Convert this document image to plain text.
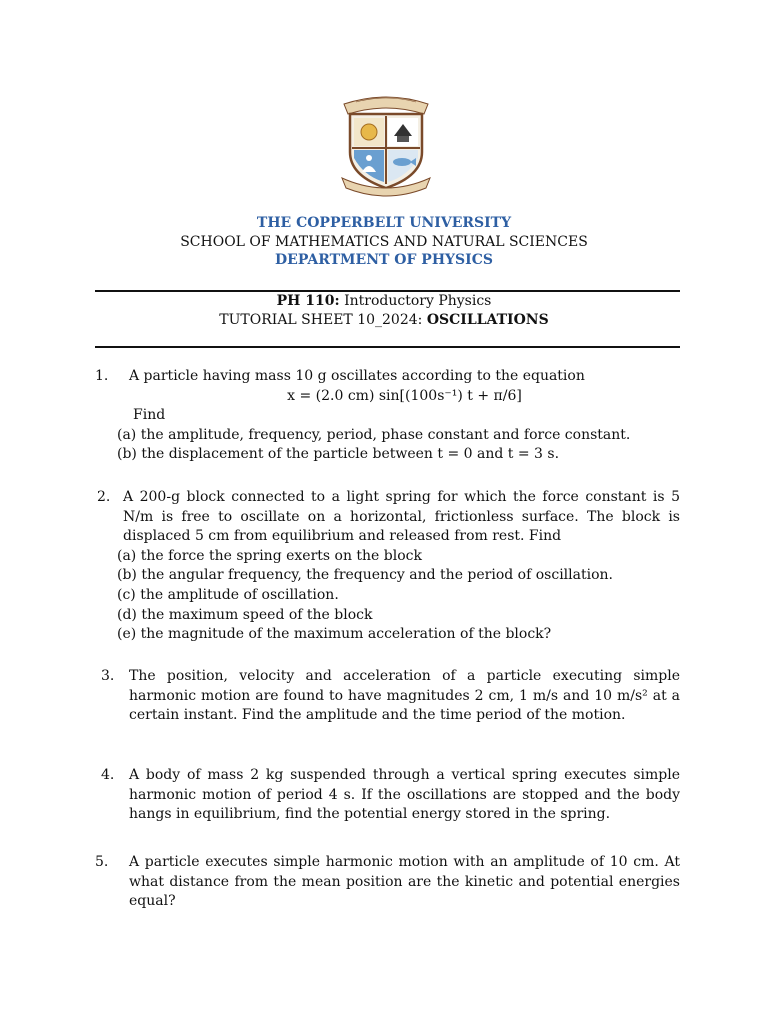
THE COPPERBELT UNIVERSITY
SCHOOL OF MATHEMATICS AND NATURAL SCIENCES
DEPARTMENT OF PHYSICS
PH 110: Introductory Physics
TUTORIAL SHEET 10_2024: OSCILLATIONS
1. A particle having mass 10 g oscillates according to the equation
x = (2.0 cm) sin[(100s⁻¹) t + π/6]
Find
(a) the amplitude, frequency, period, phase constant and force constant.
(b) the displacement of the particle between t = 0 and t = 3 s.
2. A 200-g block connected to a light spring for which the force constant is 5 N/m is free to oscillate on a horizontal, frictionless surface. The block is displaced 5 cm from equilibrium and released from rest. Find
(a) the force the spring exerts on the block
(b) the angular frequency, the frequency and the period of oscillation.
(c) the amplitude of oscillation.
(d) the maximum speed of the block
(e) the magnitude of the maximum acceleration of the block?
3. The position, velocity and acceleration of a particle executing simple harmonic motion are found to have magnitudes 2 cm, 1 m/s and 10 m/s² at a certain instant. Find the amplitude and the time period of the motion.
4. A body of mass 2 kg suspended through a vertical spring executes simple harmonic motion of period 4 s. If the oscillations are stopped and the body hangs in equilibrium, find the potential energy stored in the spring.
5. A particle executes simple harmonic motion with an amplitude of 10 cm. At what distance from the mean position are the kinetic and potential energies equal?
